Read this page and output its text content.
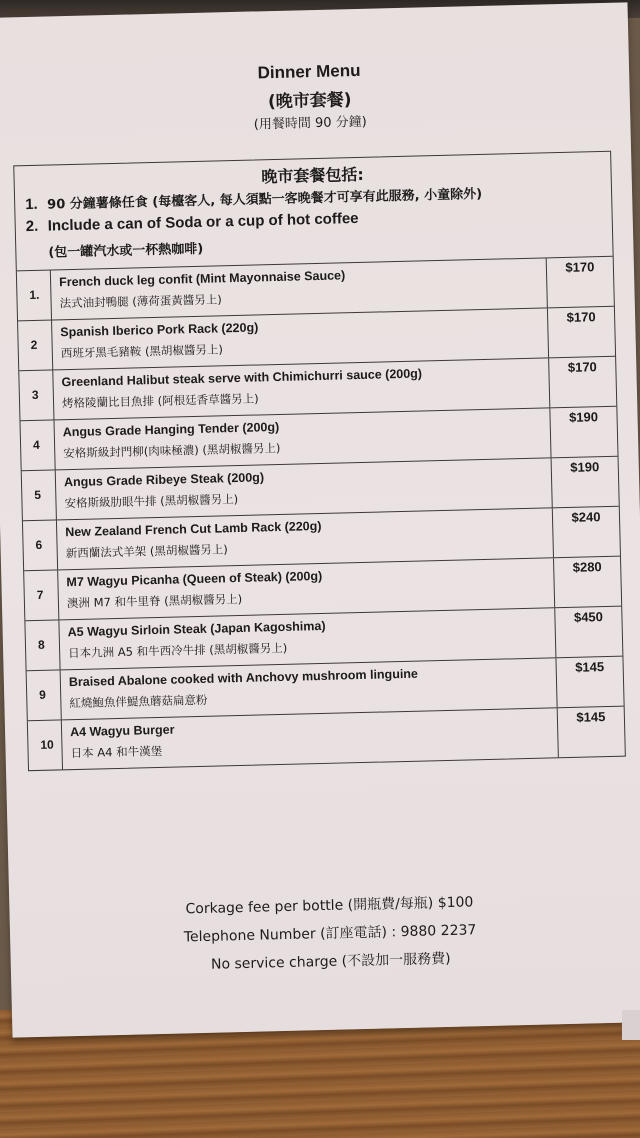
Dinner Menu
(晚市套餐)
(用餐時間 90 分鐘)
晚市套餐包括:
1. 90 分鐘薯條任食 (每檯客人, 每人須點一客晚餐才可享有此服務, 小童除外)
2. Include a can of Soda or a cup of hot coffee
(包一罐汽水或一杯熱咖啡)
1.
French duck leg confit (Mint Mayonnaise Sauce)
法式油封鴨腿 (薄荷蛋黃醬另上)
$170
2
Spanish Iberico Pork Rack (220g)
西班牙黑毛豬鞍 (黑胡椒醬另上)
$170
3
Greenland Halibut steak serve with Chimichurri sauce (200g)
烤格陵蘭比目魚排 (阿根廷香草醬另上)
$170
4
Angus Grade Hanging Tender (200g)
安格斯級封門柳(肉味極濃) (黑胡椒醬另上)
$190
5
Angus Grade Ribeye Steak (200g)
安格斯級肋眼牛排 (黑胡椒醬另上)
$190
6
New Zealand French Cut Lamb Rack (220g)
新西蘭法式羊架 (黑胡椒醬另上)
$240
7
M7 Wagyu Picanha (Queen of Steak) (200g)
澳洲 M7 和牛里脊 (黑胡椒醬另上)
$280
8
A5 Wagyu Sirloin Steak (Japan Kagoshima)
日本九洲 A5 和牛西冷牛排 (黑胡椒醬另上)
$450
9
Braised Abalone cooked with Anchovy mushroom linguine
紅燒鮑魚伴鯷魚蘑菇扁意粉
$145
10
A4 Wagyu Burger
日本 A4 和牛漢堡
$145
Corkage fee per bottle (開瓶費/每瓶) $100
Telephone Number (訂座電話) : 9880 2237
No service charge (不設加一服務費)
